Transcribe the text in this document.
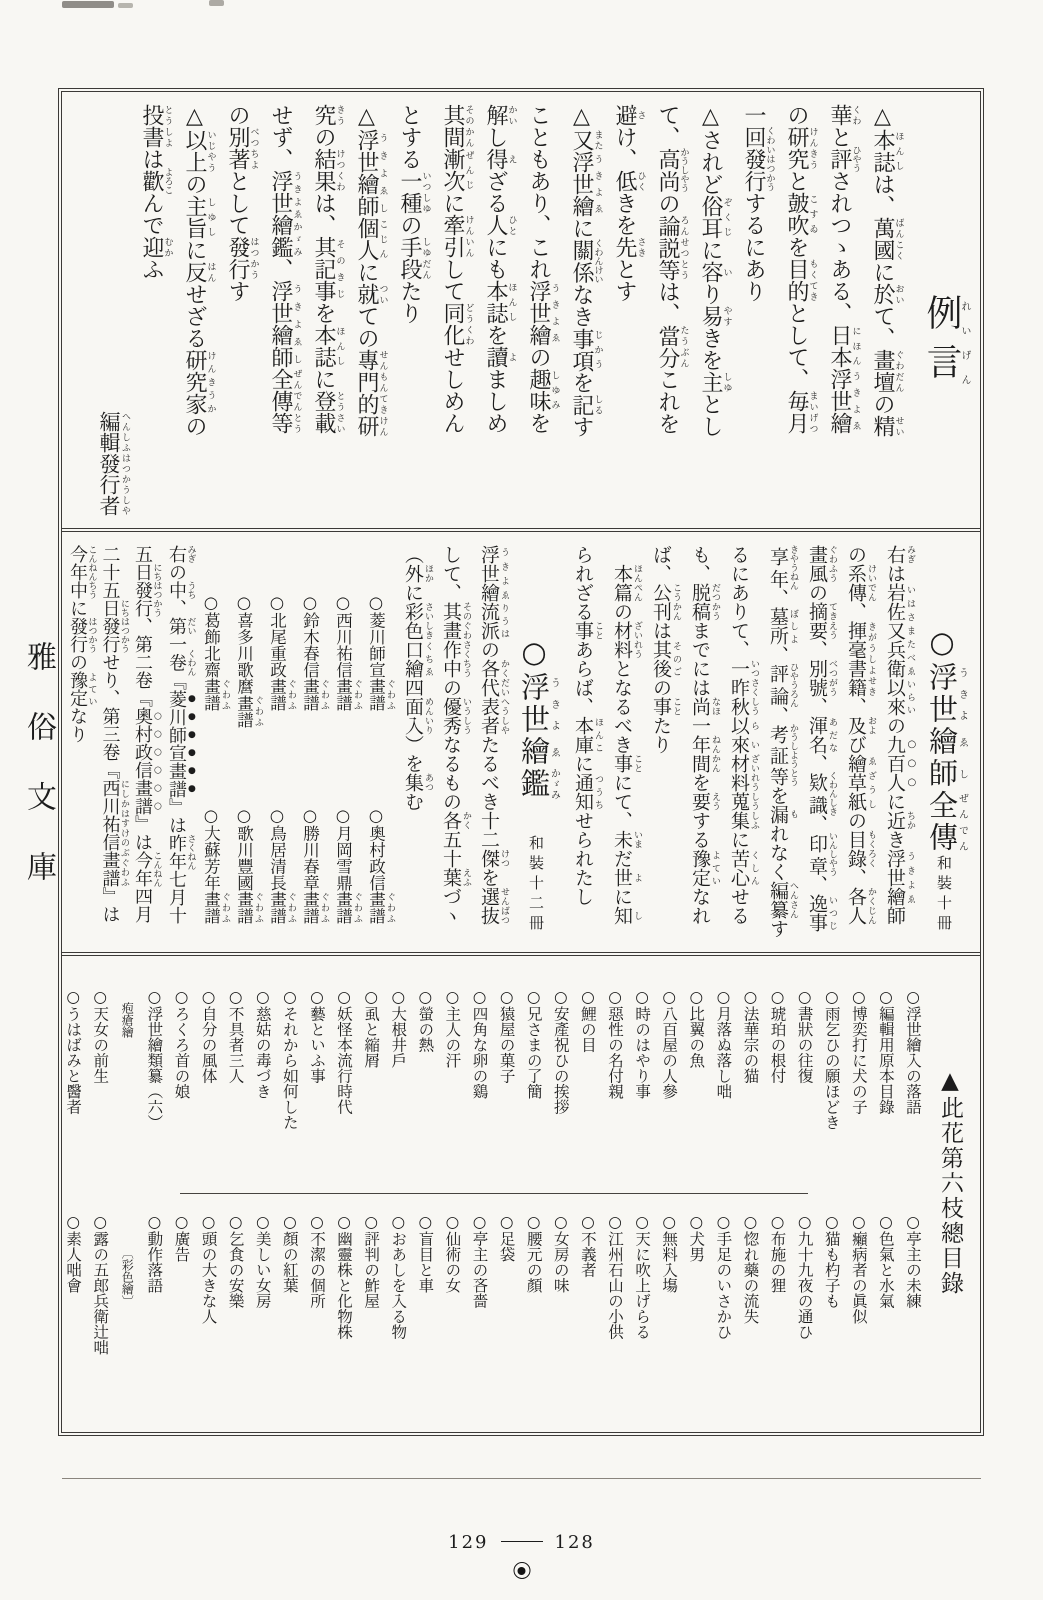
例れい言げん

△本誌ほんしは、萬國ばんこくに於おいて、畫壇ぐわだんの精せい

華くわと評ひやうされつゝある、日本にほん浮世繪うきよゑ

の研究けんきうと皷吹こすゐを目的もくてきとして、毎月まいげつ

一回發行くわいはつかうするにあり

△されど俗耳ぞくじに容いり易やすきを主しゆとし

て、高尚かうしやうの論説ろんせつ等とうは、當分たうぶんこれを

避さけ、低ひくきを先さきとす

△又また浮世繪うきよゑに關係くわんけいなき事項じかうを記しるす

こともあり、これ浮世繪うきよゑの趣味しゆみを

解かいし得えざる人ひとにも本誌ほんしを讀よましめ

其間そのかん漸次ぜんじに牽引けんいんして同化どうくわせしめん

とする一種いつしゆの手段しゆだんたり

△浮世繪師うきよゑし個人こじんに就ついての專門的せんもんてき研けん

究きうの結果けつくわは、其記事そのきじを本誌ほんしに登載とうさい

せず、浮世繪鑑うきよゑかゞみ、浮世繪師うきよゑし全傳ぜんでん等とう

の別著べつちよとして發行はつかうす

△以上いじやうの主旨しゆしに反はんせざる研究家けんきうかの

投書とうしよは歡よろこんで迎むかふ

編輯 へんしふ發行 はつかう者 しや

○浮世うきよ繪ゑ師し全傳ぜんでん
和裝十冊

右 みぎは岩佐又兵衛 いはさまたべゑ以來 いらいの九百人に近 ちかき浮世繪 うきよゑ師

の系傳 けいでん、揮毫書籍 きがうしよせき、及 および繪草紙 ゑざうしの目錄 もくろく、各人 かくじん

畫風 ぐわふうの摘要 てきえう、別號 べつがう、渾名 あだな、欵識 くわんしき、印章 いんしやう、逸事 いつじ

享年 きやうねん、墓所 ぼしよ、評論 ひやうろん、考証等 かうしようとうを漏 もれなく編纂 へんさんす

るにありて、一昨秋 いつさくしう以來 らい材料 ざいれう蒐集 しうしふに苦心 くしんせる

も、脱稿 だつかうまでには尚 なほ一年間 ねんかんを要 えうする豫定 よていなれ

ば、公刊 こうかんは其後 そのごの事 ことたり

　本篇 ほんぺんの材料 ざいれうとなるべき事 ことにて、未 いまだ世 よに知 し

られざる事 ことあらば、本庫 ほんこに通知 つうちせられたし

○浮世うきよ繪ゑ鑑かゞみ
和裝十二冊

浮世繪 うきよゑ流派 りうはの各代表者 かくだいへうしやたるべき十二傑 けつを選抜 せんばつ

して、其畫作中 そのぐわさくちうの優秀 いうしうなるもの各 かく五十葉 えふづヽ

（外 ほかに彩色 さいしき口繪 くちゑ四面入 めんいり）を集 あつむ

○菱川師宣畫譜 ぐわふ
○奧村政信畫譜 ぐわふ

○西川祐信畫譜 ぐわふ
○月岡雪鼎畫譜 ぐわふ

○鈴木春信畫譜 ぐわふ
○勝川春章畫譜 ぐわふ

○北尾重政畫譜 ぐわふ
○鳥居清長畫譜 ぐわふ

○喜多川歌麿畫譜 ぐわふ
○歌川豐國畫譜 ぐわふ

○葛飾北齋畫譜 ぐわふ
○大蘇芳年畫譜 ぐわふ

右みぎの中うち、第だい一卷くわん『菱川師宣畫譜』は昨年さくねん七月十

五日發行にちはつかう、第二卷『奧村政信畫譜』は今年こんねん四月

二十五日發行にちはつかうせり、第三卷『西川祐信畫譜にしかはすけのぶぐわふ』は

今年中こんねんちうに發行はつかうの豫定よていなり

雅俗文庫

▲此花第六枝總目錄

○浮世繪入の落語
○亭主の未練

○編輯用原本目錄
○色氣と水氣

○博奕打に犬の子
○癩病者の眞似

○雨乞ひの願ほどき
○猫も杓子も

○書狀の往復
○九十九夜の通ひ

○琥珀の根付
○布施の狸

○法華宗の猫
○惚れ藥の流失

○月落ぬ落し咄
○手足のいさかひ

○比翼の魚
○犬男

○八百屋の人參
○無料入塲

○時のはやり事
○天に吹上げらる

○惡性の名付親
○江州石山の小供

○鯉の目
○不義者

○安產祝ひの挨拶
○女房の味

○兄さまの了簡
○腰元の顏

○猿屋の菓子
○足袋

○四角な卵の鷄
○亭主の吝嗇

○主人の汗
○仙術の女

○螢の熱
○盲目と車

○大根井戶
○おあしを入る物

○虱と縮屑
○評判の鮓屋

○妖怪本流行時代
○幽靈株と化物株

○藝といふ事
○不潔の個所

○それから如何した
○顏の紅葉

○慈姑の毒づき
○美しい女房

○不具者三人
○乞食の安樂

○自分の風体
○頭の大きな人

○ろくろ首の娘
○廣告

○浮世繪類纂（六）
疱瘡繪
○動作落語
〔彩色繪〕

○天女の前生
○露の五郎兵衛辻咄

○うはばみと醫者
○素人咄會

129	128
